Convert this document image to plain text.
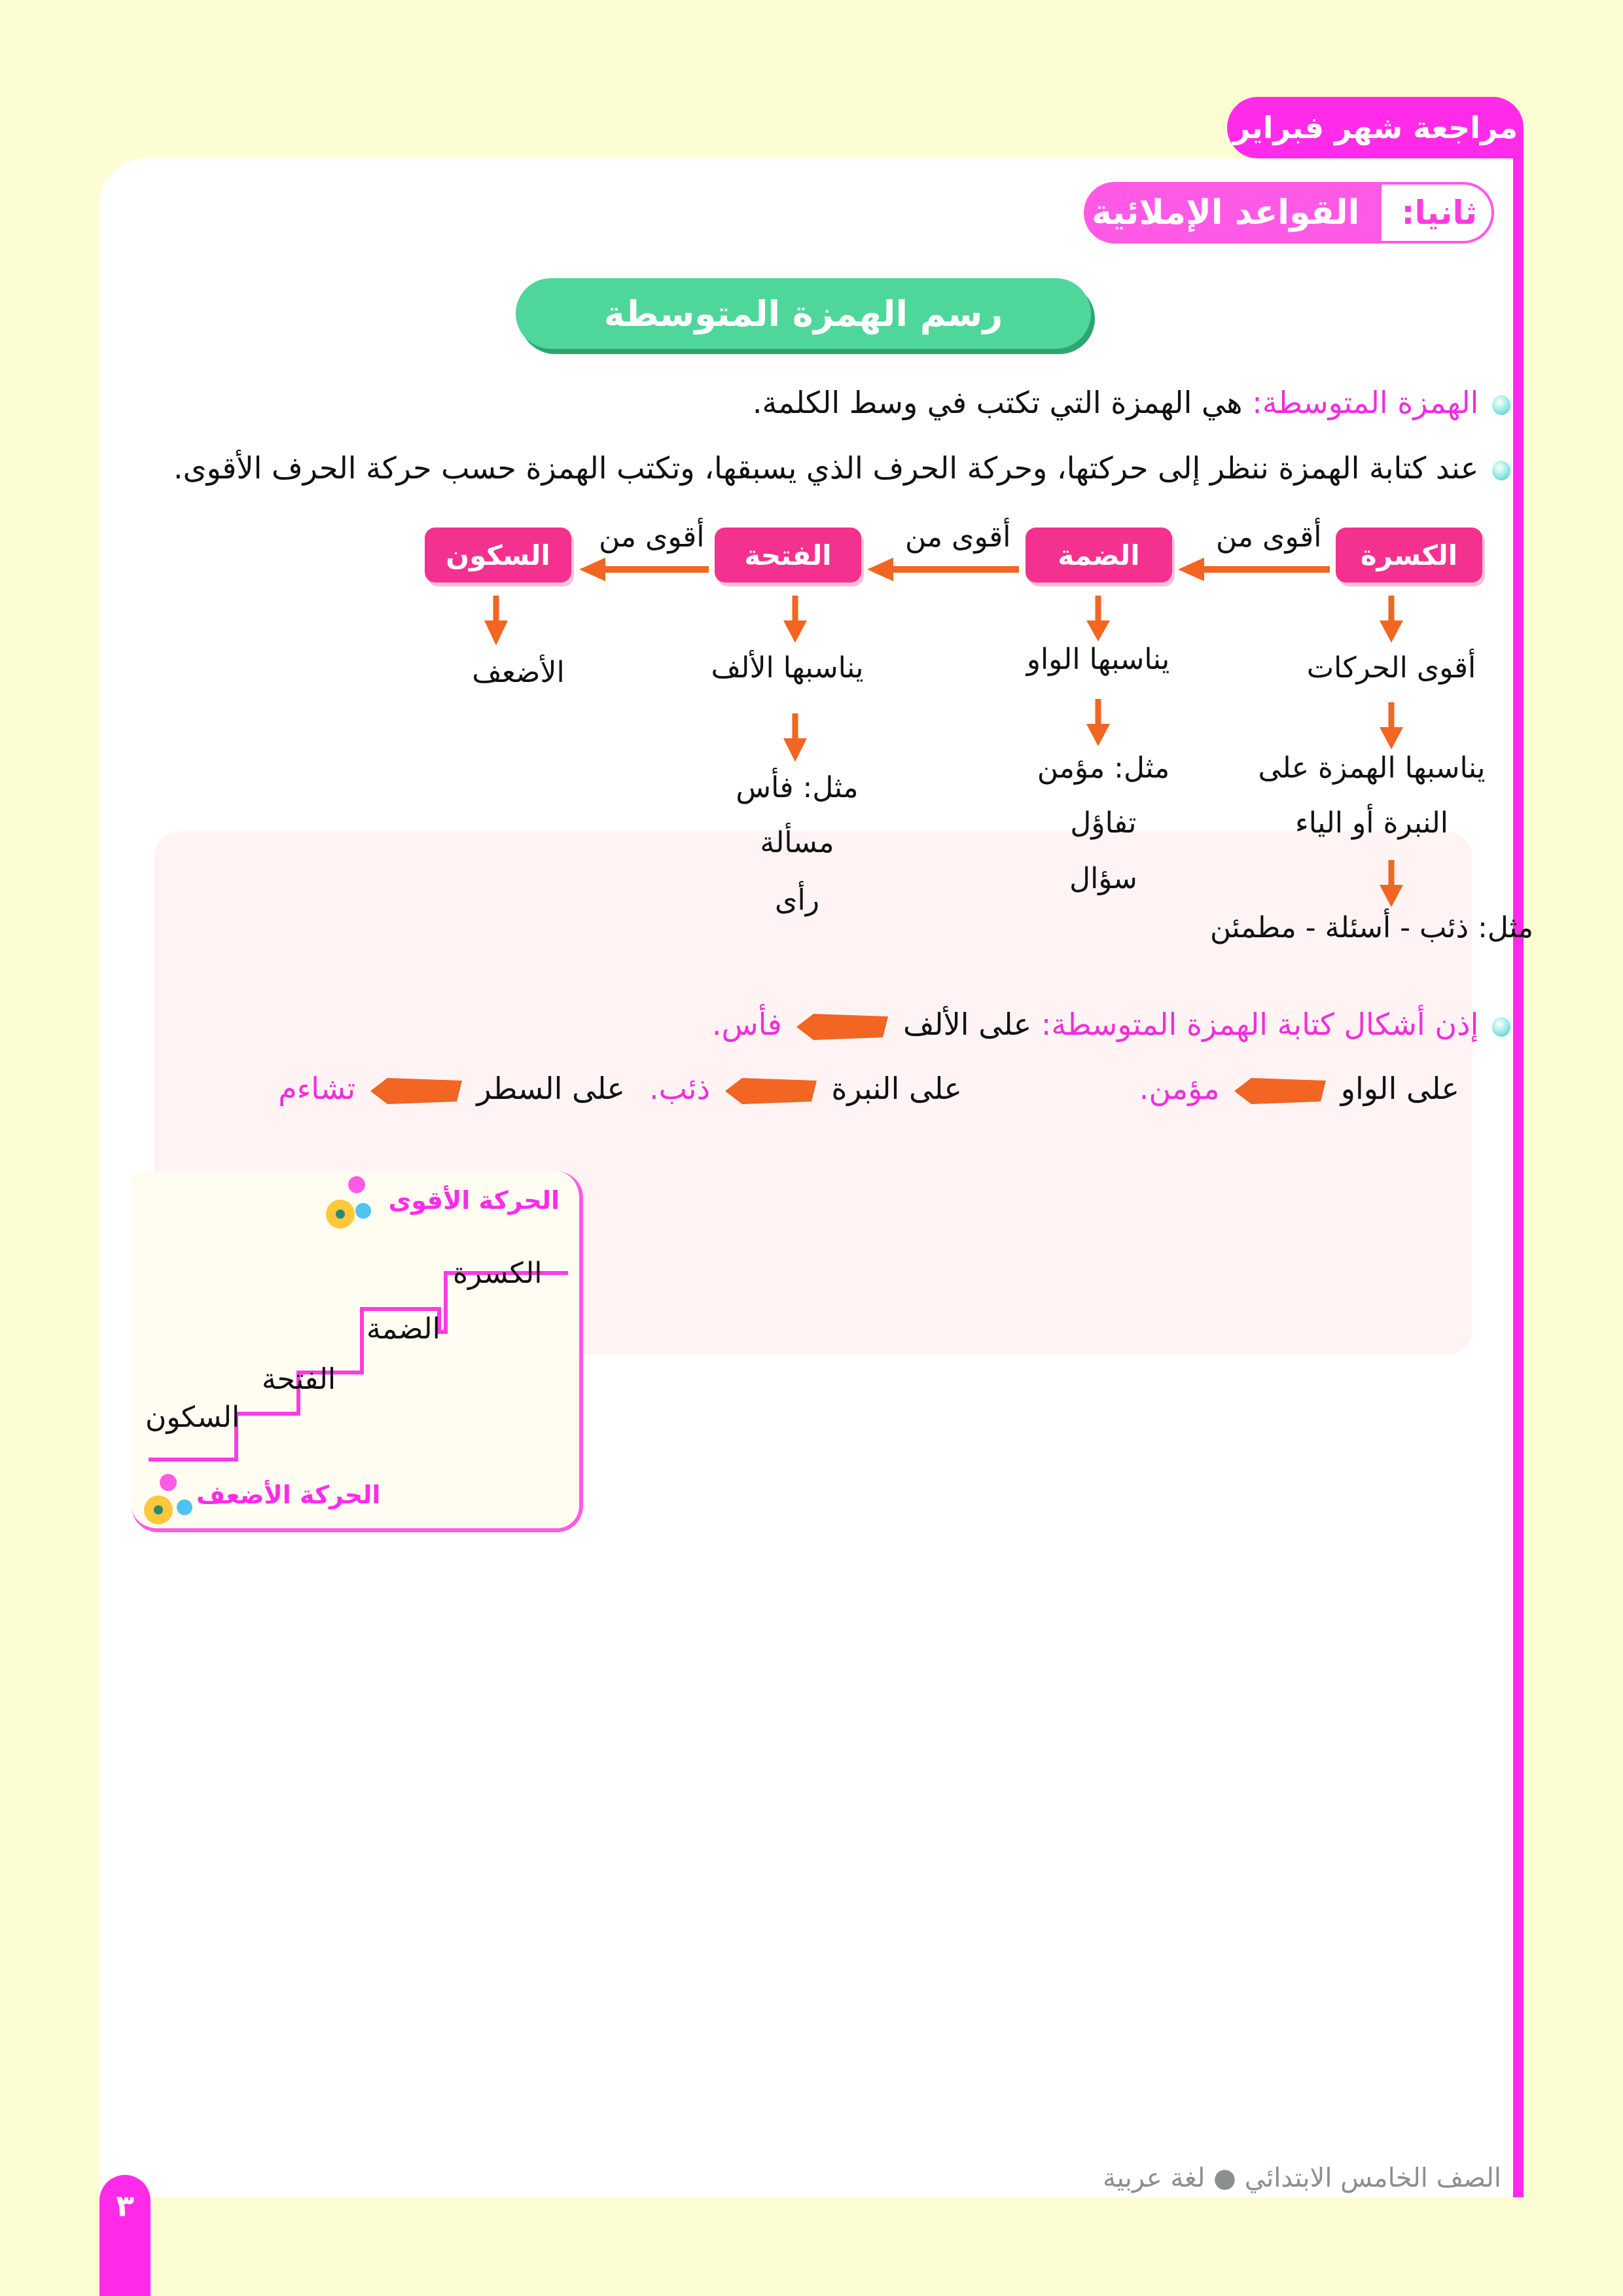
مراجعة شهر فبراير
ثانيا:
القواعد الإملائية
رسم الهمزة المتوسطة
الهمزة المتوسطة: هي الهمزة التي تكتب في وسط الكلمة.
عند كتابة الهمزة ننظر إلى حركتها، وحركة الحرف الذي يسبقها، وتكتب الهمزة حسب حركة الحرف الأقوى.
الكسرة
الضمة
الفتحة
السكون
أقوى من
أقوى من
أقوى من
أقوى الحركات
يناسبها الهمزة على
النبرة أو الياء
مثل: ذئب - أسئلة - مطمئن
يناسبها الواو
مثل: مؤمن
تفاؤل
سؤال
يناسبها الألف
مثل: فأس
مسألة
رأى
الأضعف
إذن أشكال كتابة الهمزة المتوسطة: على الألف  فأس.
على الواو  مؤمن.
على النبرة  ذئب.
على السطر  تشاءم
الحركة الأقوى
الحركة الأضعف
الكسرة
الضمة
الفتحة
السكون
الصف الخامس الابتدائي ● لغة عربية
٣
